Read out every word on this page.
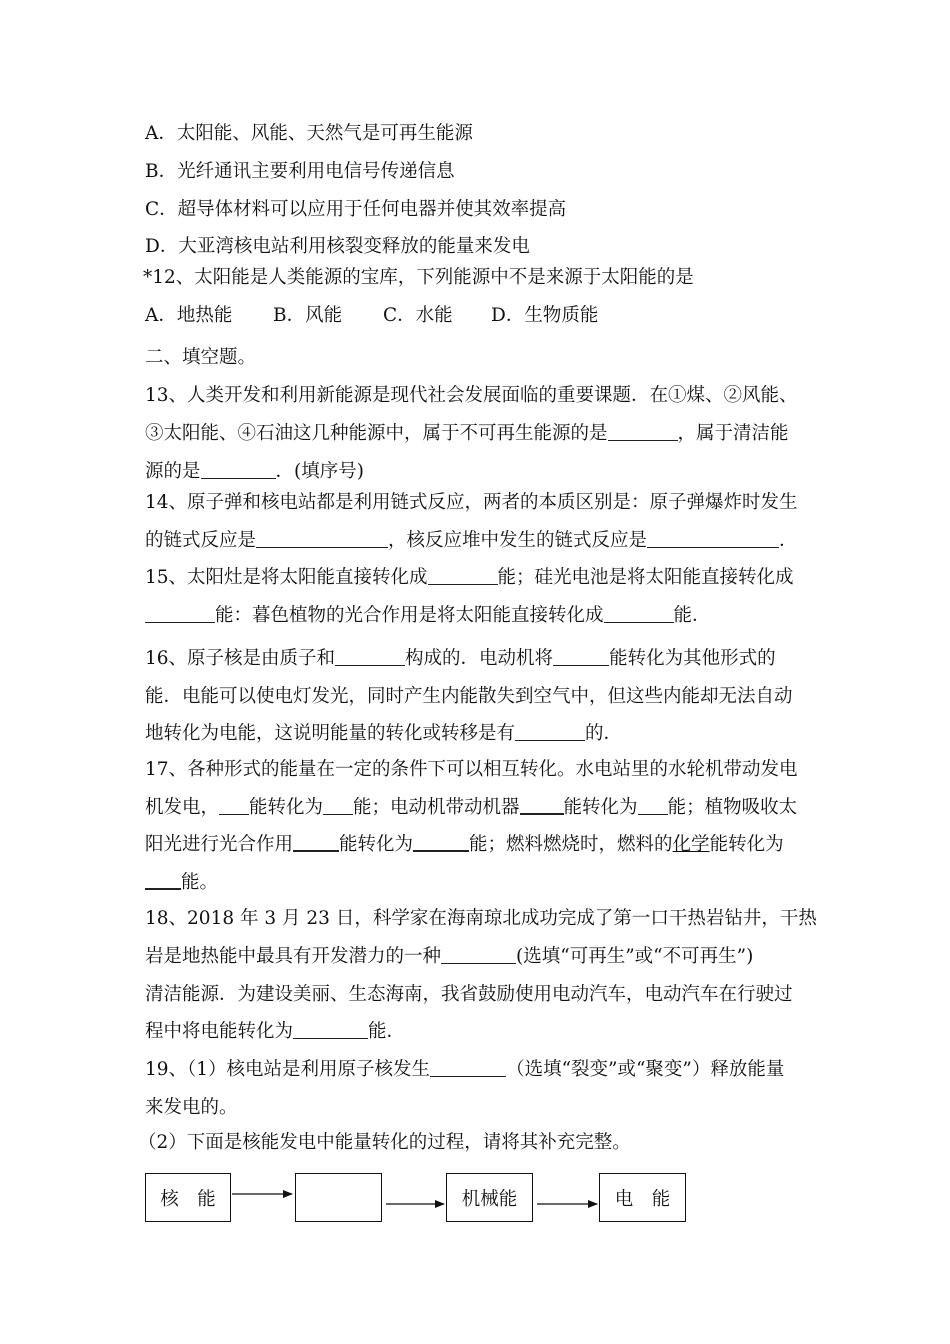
A．太阳能、风能、天然气是可再生能源
B．光纤通讯主要利用电信号传递信息
C．超导体材料可以应用于任何电器并使其效率提高
D．大亚湾核电站利用核裂变释放的能量来发电
*12、太阳能是人类能源的宝库，下列能源中不是来源于太阳能的是
A．地热能 B．风能 C．水能 D．生物质能
二、填空题。
13、人类开发和利用新能源是现代社会发展面临的重要课题．在①煤、②风能、
③太阳能、④石油这几种能源中，属于不可再生能源的是	，属于清洁能
源的是	．(填序号)
14、原子弹和核电站都是利用链式反应，两者的本质区别是：原子弹爆炸时发生
的链式反应是	，核反应堆中发生的链式反应是	．
15、太阳灶是将太阳能直接转化成	能；硅光电池是将太阳能直接转化成
能：暮色植物的光合作用是将太阳能直接转化成	能．
16、原子核是由质子和	构成的．电动机将	能转化为其他形式的
能．电能可以使电灯发光，同时产生内能散失到空气中，但这些内能却无法自动
地转化为电能，这说明能量的转化或转移是有	的．
17、各种形式的能量在一定的条件下可以相互转化。水电站里的水轮机带动发电
机发电， 能转化为 能；电动机带动机器 能转化为 能；植物吸收太
阳光进行光合作用 能转化为	能；燃料燃烧时，燃料的化学能转化为
能。
18、2018 年 3 月 23 日，科学家在海南琼北成功完成了第一口干热岩钻井，干热
岩是地热能中最具有开发潜力的一种	(选填“可再生”或“不可再生”)
清洁能源．为建设美丽、生态海南，我省鼓励使用电动汽车，电动汽车在行驶过
程中将电能转化为	能．
19、（1）核电站是利用原子核发生	（选填“裂变”或“聚变”）释放能量
来发电的。
（2）下面是核能发电中能量转化的过程，请将其补充完整。
核　能	机械能	电　能
